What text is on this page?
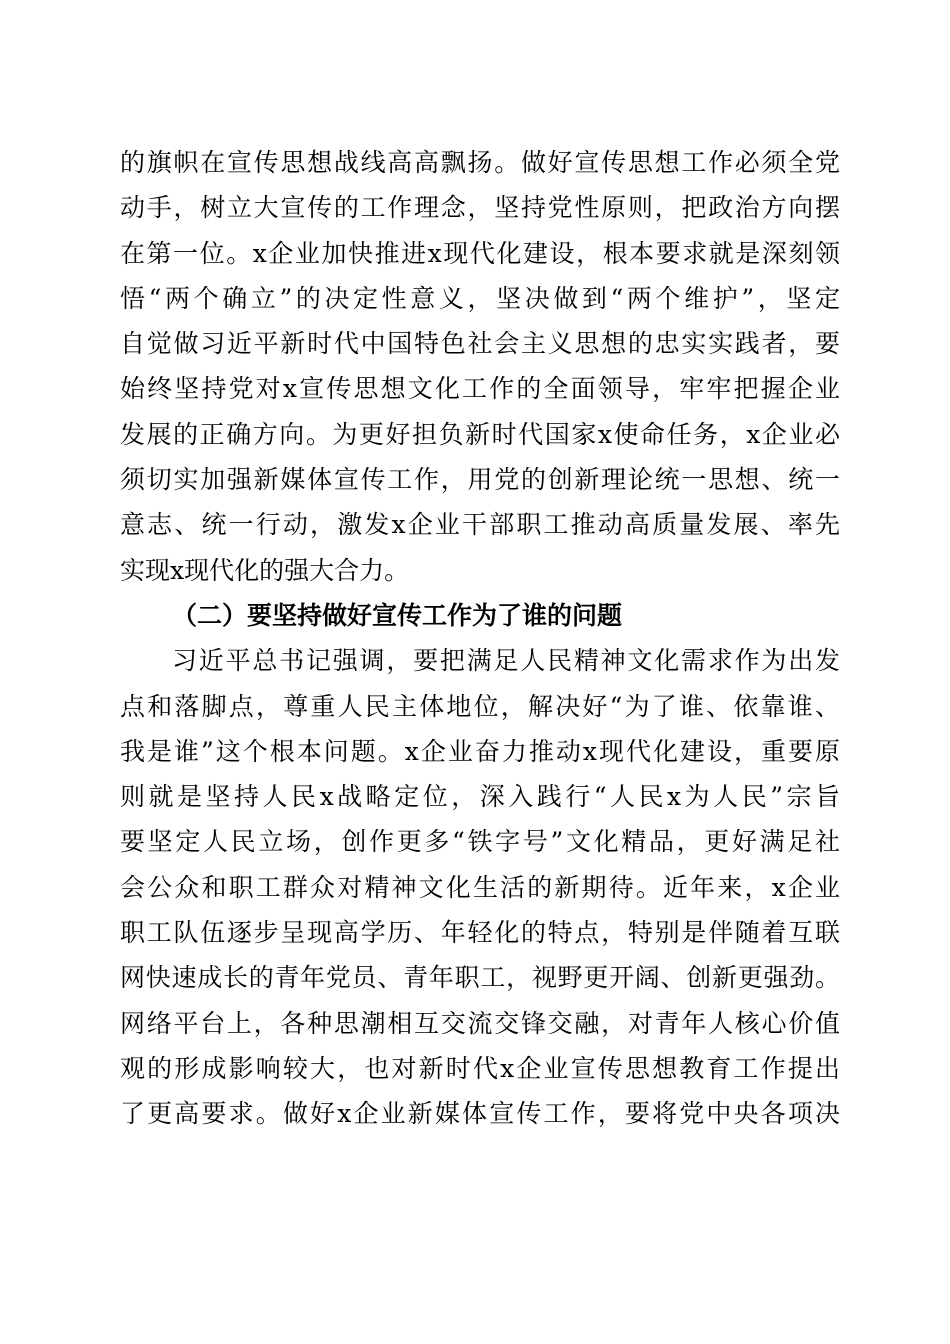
的旗帜在宣传思想战线高高飘扬。做好宣传思想工作必须全党
动手，树立大宣传的工作理念，坚持党性原则，把政治方向摆
在第一位。x企业加快推进x现代化建设，根本要求就是深刻领
悟“两个确立”的决定性意义，坚决做到“两个维护”，坚定
自觉做习近平新时代中国特色社会主义思想的忠实实践者，要
始终坚持党对x宣传思想文化工作的全面领导，牢牢把握企业
发展的正确方向。为更好担负新时代国家x使命任务，x企业必
须切实加强新媒体宣传工作，用党的创新理论统一思想、统一
意志、统一行动，激发x企业干部职工推动高质量发展、率先
实现x现代化的强大合力。
（二）要坚持做好宣传工作为了谁的问题
习近平总书记强调，要把满足人民精神文化需求作为出发
点和落脚点，尊重人民主体地位，解决好“为了谁、依靠谁、
我是谁”这个根本问题。x企业奋力推动x现代化建设，重要原
则就是坚持人民x战略定位，深入践行“人民x为人民”宗旨
要坚定人民立场，创作更多“铁字号”文化精品，更好满足社
会公众和职工群众对精神文化生活的新期待。近年来，x企业
职工队伍逐步呈现高学历、年轻化的特点，特别是伴随着互联
网快速成长的青年党员、青年职工，视野更开阔、创新更强劲。
网络平台上，各种思潮相互交流交锋交融，对青年人核心价值
观的形成影响较大，也对新时代x企业宣传思想教育工作提出
了更高要求。做好x企业新媒体宣传工作，要将党中央各项决
